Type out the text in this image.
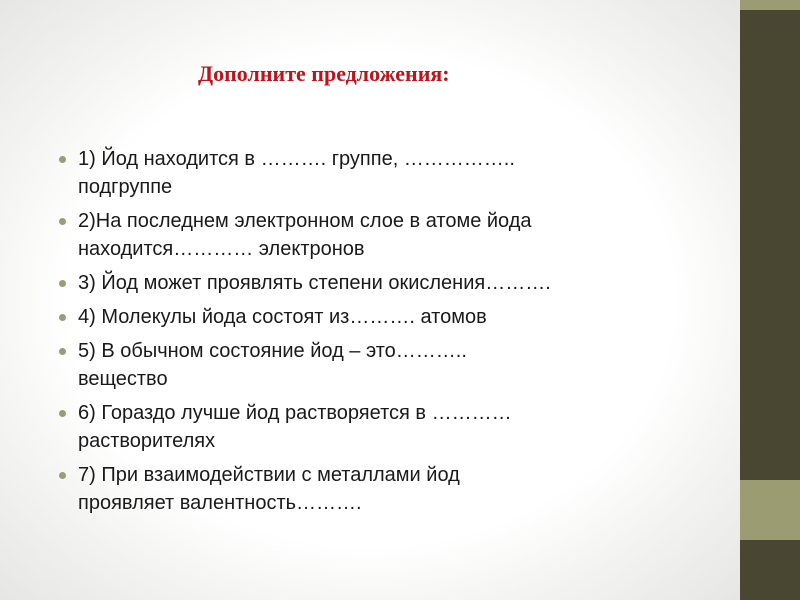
Дополните предложения:
1) Йод находится в ………. группе, ……………..
подгруппе
2)На последнем электронном слое в атоме йода
находится………… электронов
3) Йод может проявлять степени окисления……….
4) Молекулы йода состоят из………. атомов
5) В обычном состояние йод – это………..
вещество
6) Гораздо лучше йод растворяется в …………
растворителях
7) При взаимодействии с металлами йод
проявляет валентность……….
